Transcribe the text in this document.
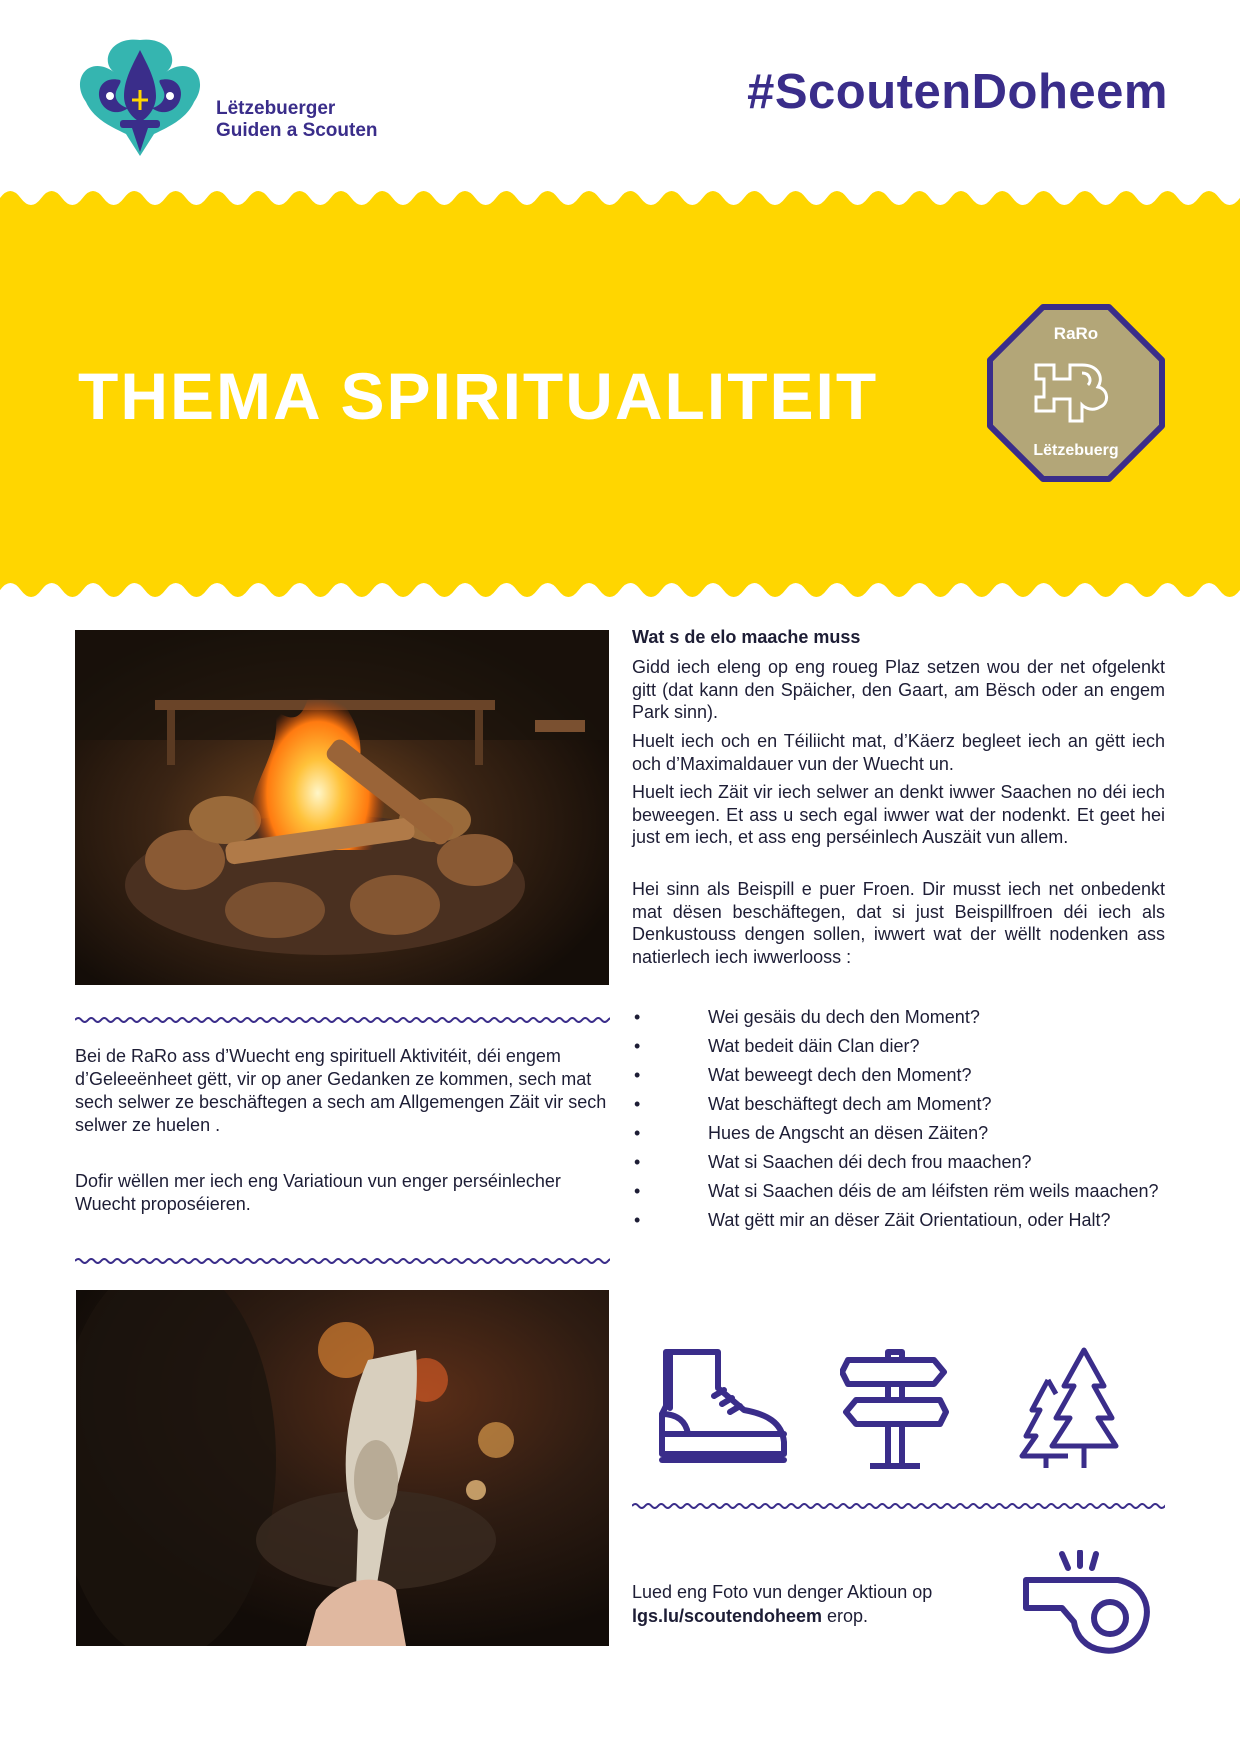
Lëtzebuerger
Guiden a Scouten
#ScoutenDoheem
THEMA SPIRITUALITEIT
RaRo
Lëtzebuerg
Bei de RaRo ass d’Wuecht eng spirituell Aktivitéit, déi engem d’Geleeënheet gëtt, vir op aner Gedanken ze kommen, sech mat sech selwer ze beschäftegen a sech am Allgemengen Zäit vir sech selwer ze huelen .
Dofir wëllen mer iech eng Variatioun vun enger perséinlecher Wuecht proposéieren.
Wat s de elo maache muss
Gidd iech eleng op eng roueg Plaz setzen wou der net ofgelenkt gitt (dat kann den Späicher, den Gaart, am Bësch oder an engem Park sinn).
Huelt iech och en Téiliicht mat, d’Käerz begleet iech an gëtt iech och d’Maximaldauer vun der Wuecht un.
Huelt iech Zäit vir iech selwer an denkt iwwer Saachen no déi iech beweegen. Et ass u sech egal iwwer wat der nodenkt. Et geet hei just em iech, et ass eng perséinlech Auszäit vun allem.
Hei sinn als Beispill e puer Froen. Dir musst iech net onbedenkt mat dësen beschäftegen, dat si just Beispillfroen déi iech als Denkustouss dengen sollen, iwwert wat der wëllt nodenken ass natierlech iech iwwerlooss :
•	Wei gesäis du dech den Moment?
•	Wat bedeit däin Clan dier?
•	Wat beweegt dech den Moment?
•	Wat beschäftegt dech am Moment?
•	Hues de Angscht an dësen Zäiten?
•	Wat si Saachen déi dech frou maachen?
•	Wat si Saachen déis de am léifsten rëm weils maachen?
•	Wat gëtt mir an dëser Zäit Orientatioun, oder Halt?
Lued eng Foto vun denger Aktioun op
lgs.lu/scoutendoheem erop.
